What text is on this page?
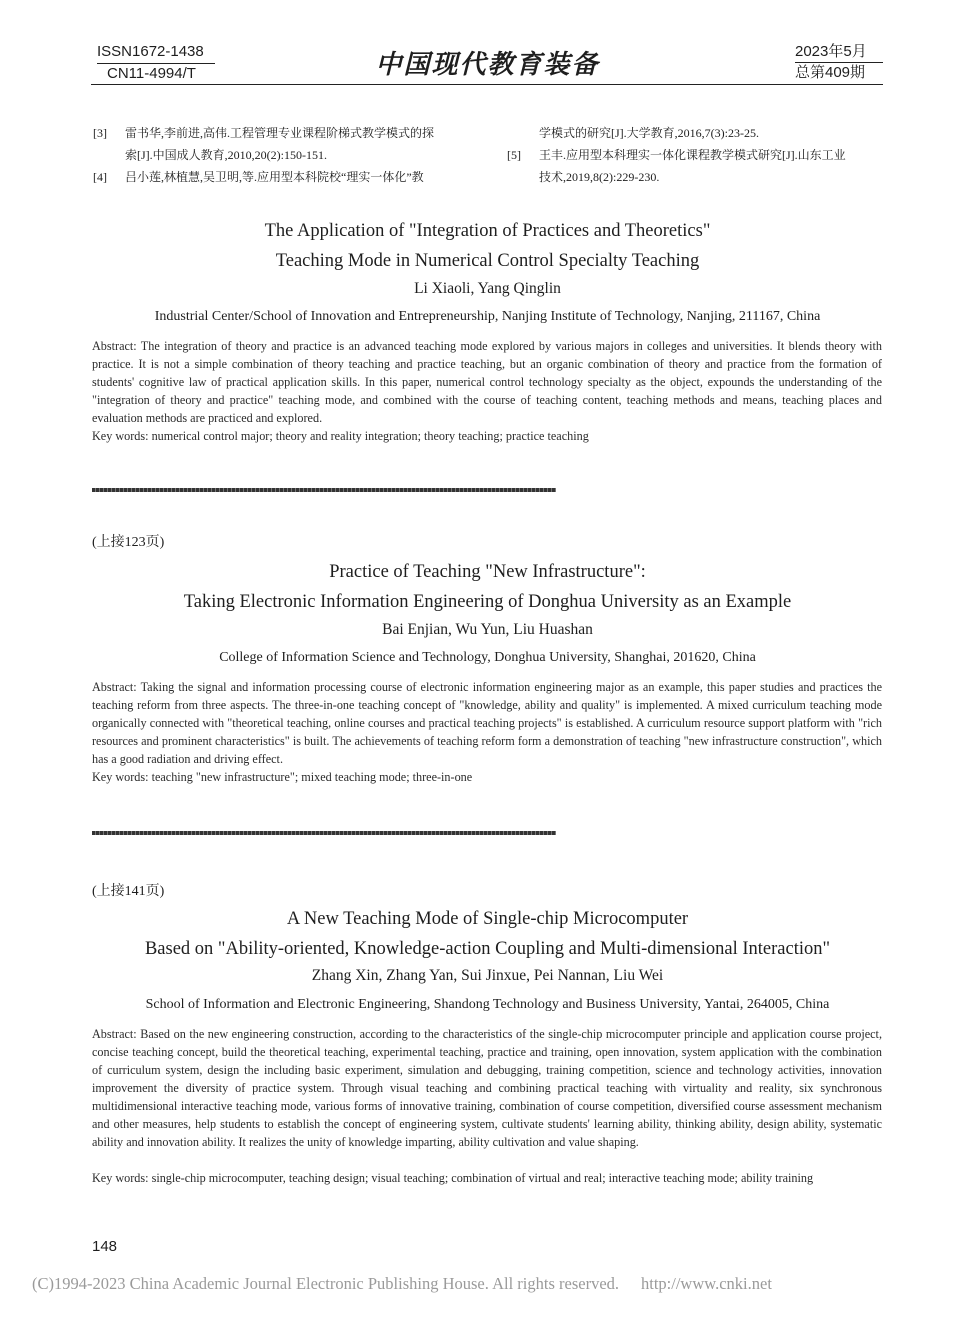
ISSN1672-1438
CN11-4994/T	中国现代教育装备	2023年5月
总第409期
[3]	雷书华,李前进,高伟.工程管理专业课程阶梯式教学模式的探
索[J].中国成人教育,2010,20(2):150-151.
[4]	吕小莲,林植慧,吴卫明,等.应用型本科院校“理实一体化”教
学模式的研究[J].大学教育,2016,7(3):23-25.
[5]	王丰.应用型本科理实一体化课程教学模式研究[J].山东工业
技术,2019,8(2):229-230.
The Application of "Integration of Practices and Theoretics"
Teaching Mode in Numerical Control Specialty Teaching
Li Xiaoli, Yang Qinglin
Industrial Center/School of Innovation and Entrepreneurship, Nanjing Institute of Technology, Nanjing, 211167, China
Abstract: The integration of theory and practice is an advanced teaching mode explored by various majors in colleges and universities. It blends theory with practice. It is not a simple combination of theory teaching and practice teaching, but an organic combination of theory and practice from the formation of students' cognitive law of practical application skills. In this paper, numerical control technology specialty as the object, expounds the understanding of the "integration of theory and practice" teaching mode, and combined with the course of teaching content, teaching methods and means, teaching places and evaluation methods are practiced and explored.
Key words: numerical control major; theory and reality integration; theory teaching; practice teaching
(上接123页)
Practice of Teaching "New Infrastructure":
Taking Electronic Information Engineering of Donghua University as an Example
Bai Enjian, Wu Yun, Liu Huashan
College of Information Science and Technology, Donghua University, Shanghai, 201620, China
Abstract: Taking the signal and information processing course of electronic information engineering major as an example, this paper studies and practices the teaching reform from three aspects. The three-in-one teaching concept of "knowledge, ability and quality" is implemented. A mixed curriculum teaching mode organically connected with "theoretical teaching, online courses and practical teaching projects" is established. A curriculum resource support platform with "rich resources and prominent characteristics" is built. The achievements of teaching reform form a demonstration of teaching "new infrastructure construction", which has a good radiation and driving effect.
Key words: teaching "new infrastructure"; mixed teaching mode; three-in-one
(上接141页)
A New Teaching Mode of Single-chip Microcomputer
Based on "Ability-oriented, Knowledge-action Coupling and Multi-dimensional Interaction"
Zhang Xin, Zhang Yan, Sui Jinxue, Pei Nannan, Liu Wei
School of Information and Electronic Engineering, Shandong Technology and Business University, Yantai, 264005, China
Abstract: Based on the new engineering construction, according to the characteristics of the single-chip microcomputer principle and application course project, concise teaching concept, build the theoretical teaching, experimental teaching, practice and training, open innovation, system application with the combination of curriculum system, design the including basic experiment, simulation and debugging, training competition, science and technology activities, innovation improvement the diversity of practice system. Through visual teaching and combining practical teaching with virtuality and reality, six synchronous multidimensional interactive teaching mode, various forms of innovative training, combination of course competition, diversified course assessment mechanism and other measures, help students to establish the concept of engineering system, cultivate students' learning ability, thinking ability, design ability, systematic ability and innovation ability. It realizes the unity of knowledge imparting, ability cultivation and value shaping.
Key words: single-chip microcomputer, teaching design; visual teaching; combination of virtual and real; interactive teaching mode; ability training
148
(C)1994-2023 China Academic Journal Electronic Publishing House. All rights reserved. http://www.cnki.net
